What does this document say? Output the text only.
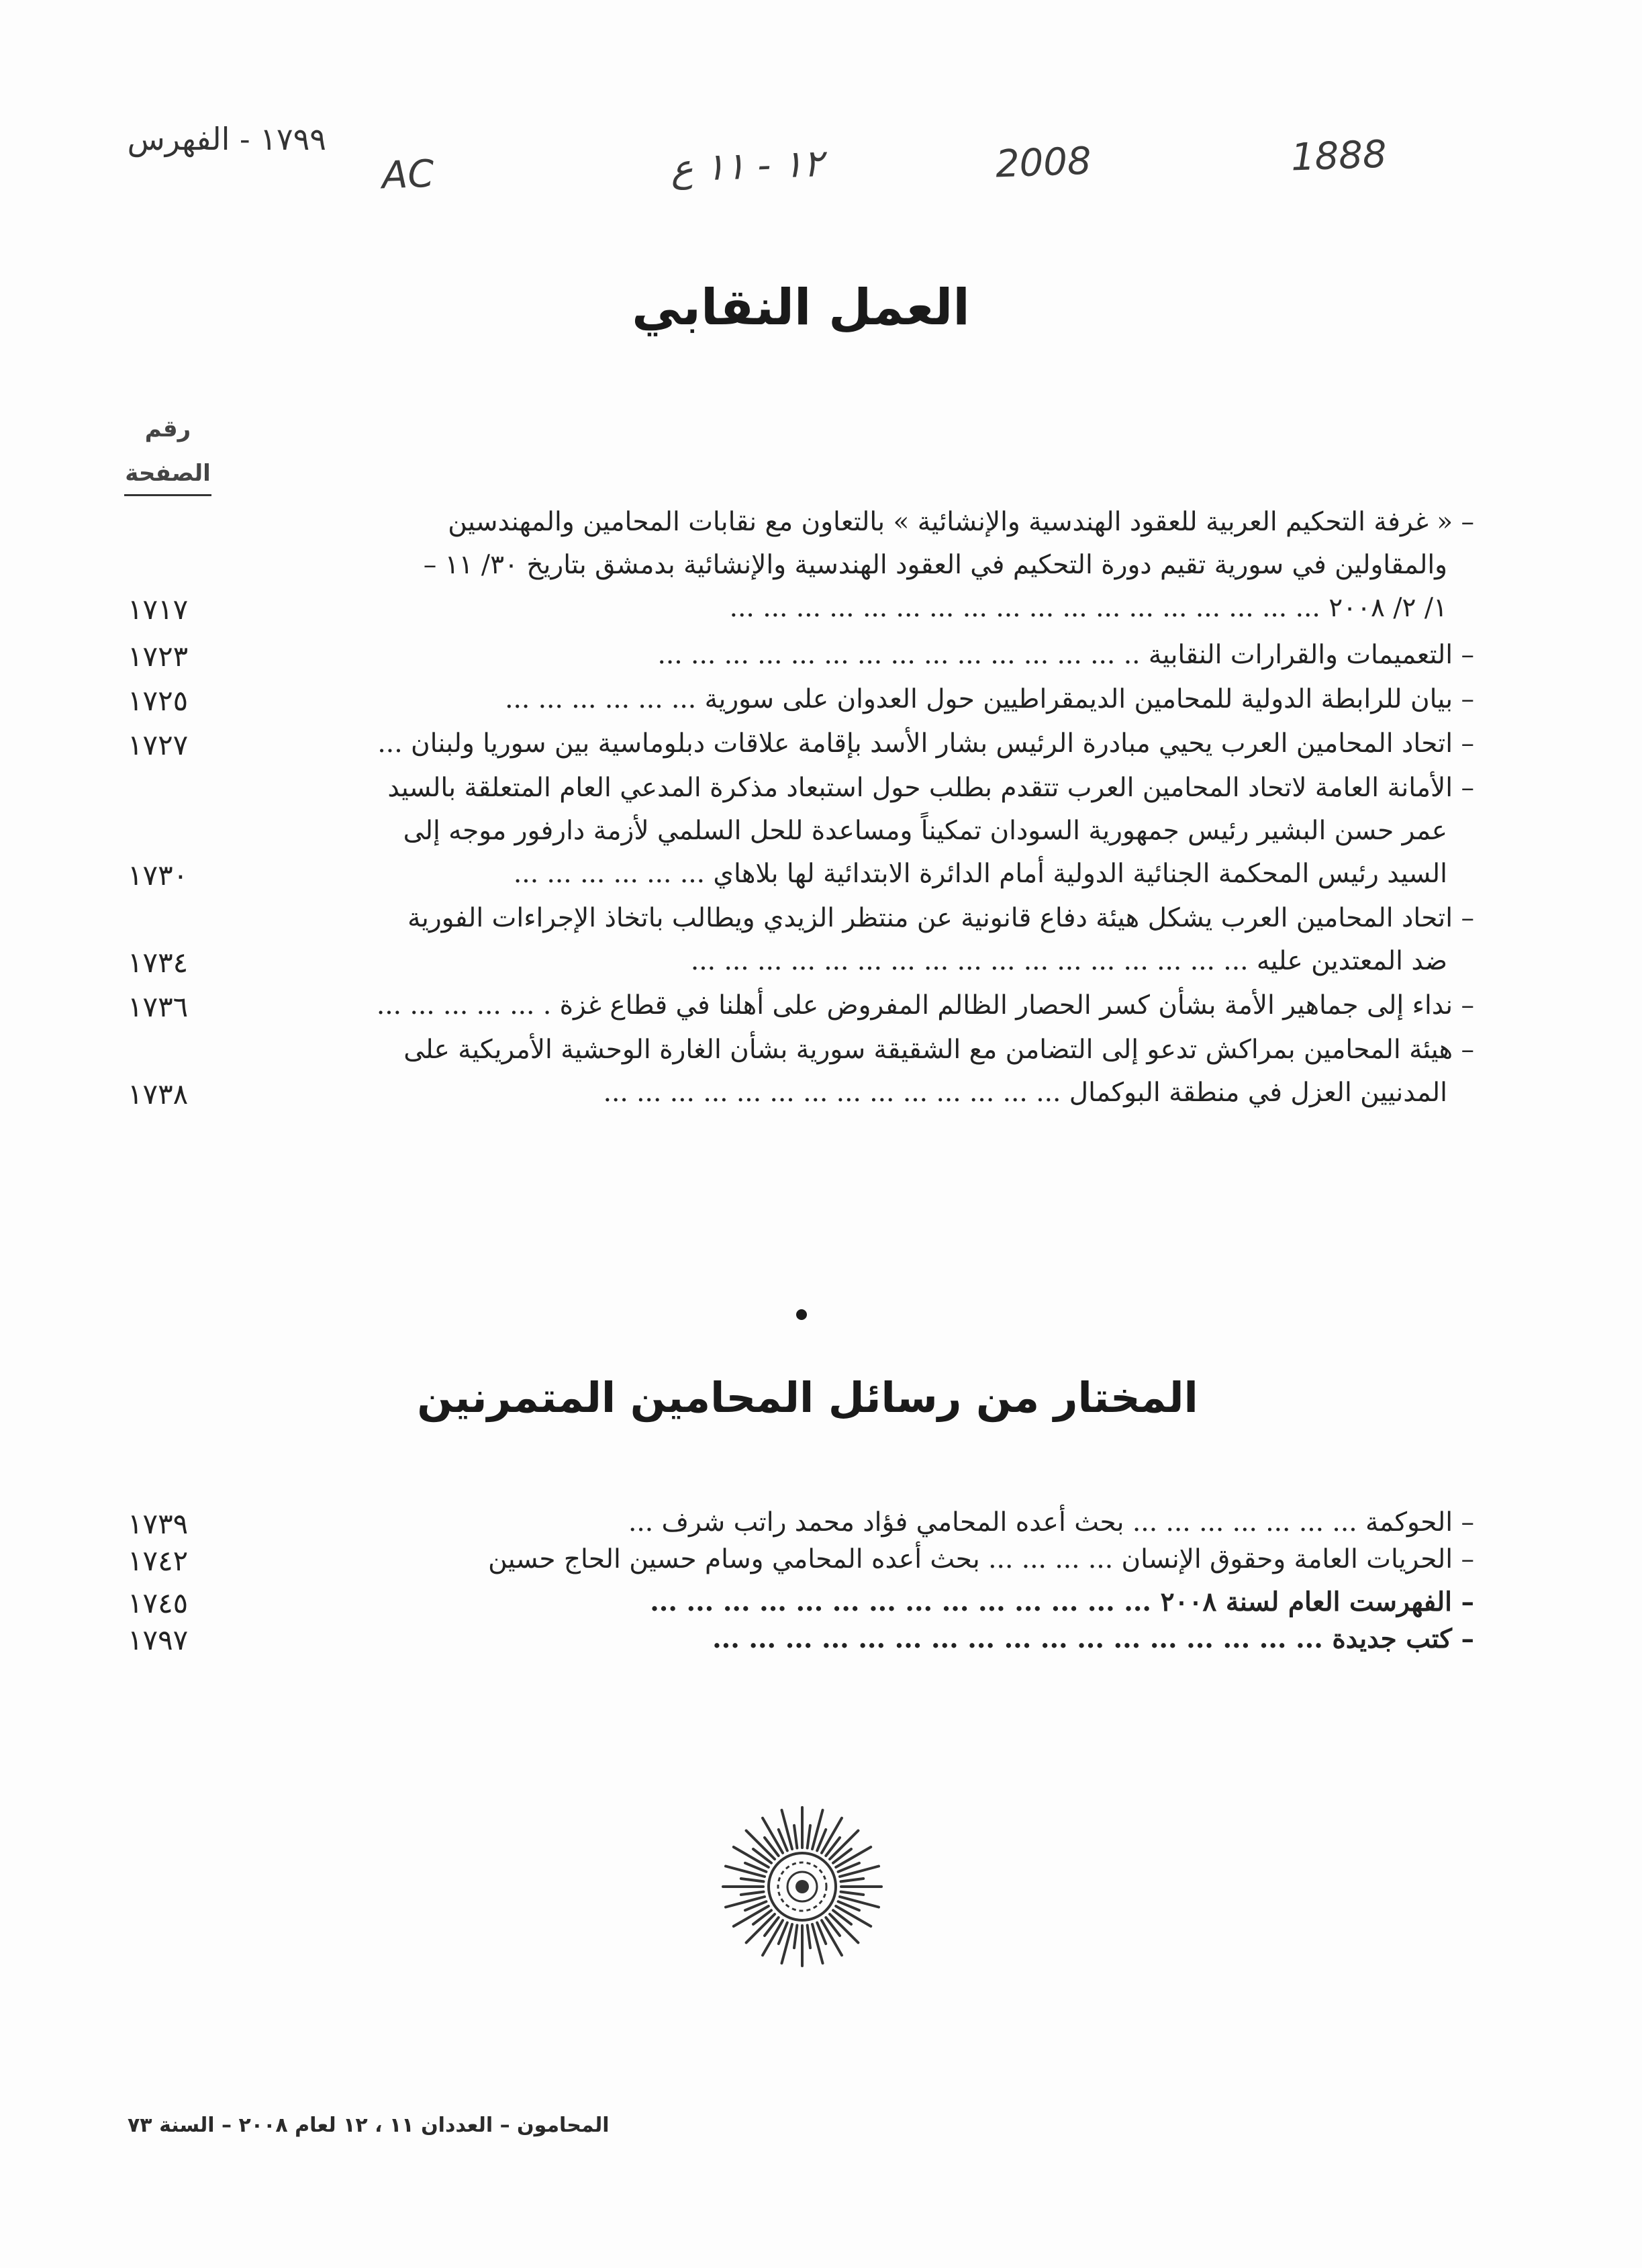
١٧٩٩ - الفهرس
AC	١٢ - ١١ ع	2008	1888
العمل النقابي
رقم
الصفحة
– « غرفة التحكيم العربية للعقود الهندسية والإنشائية » بالتعاون مع نقابات المحامين والمهندسين
والمقاولين في سورية تقيم دورة التحكيم في العقود الهندسية والإنشائية بدمشق بتاريخ ٣٠/ ١١ –
١/ ٢/ ٢٠٠٨ ... ... ... ... ... ... ... ... ... ... ... ... ... ... ... ... ... ...
١٧١٧
– التعميمات والقرارات النقابية .. ... ... ... ... ... ... ... ... ... ... ... ... ... ...
١٧٢٣
– بيان للرابطة الدولية للمحامين الديمقراطيين حول العدوان على سورية ... ... ... ... ... ...
١٧٢٥
– اتحاد المحامين العرب يحيي مبادرة الرئيس بشار الأسد بإقامة علاقات دبلوماسية بين سوريا ولبنان ...
١٧٢٧
– الأمانة العامة لاتحاد المحامين العرب تتقدم بطلب حول استبعاد مذكرة المدعي العام المتعلقة بالسيد
عمر حسن البشير رئيس جمهورية السودان تمكيناً ومساعدة للحل السلمي لأزمة دارفور موجه إلى
السيد رئيس المحكمة الجنائية الدولية أمام الدائرة الابتدائية لها بلاهاي ... ... ... ... ... ...
١٧٣٠
– اتحاد المحامين العرب يشكل هيئة دفاع قانونية عن منتظر الزيدي ويطالب باتخاذ الإجراءات الفورية
ضد المعتدين عليه ... ... ... ... ... ... ... ... ... ... ... ... ... ... ... ... ...
١٧٣٤
– نداء إلى جماهير الأمة بشأن كسر الحصار الظالم المفروض على أهلنا في قطاع غزة . ... ... ... ... ...
١٧٣٦
– هيئة المحامين بمراكش تدعو إلى التضامن مع الشقيقة سورية بشأن الغارة الوحشية الأمريكية على
المدنيين العزل في منطقة البوكمال ... ... ... ... ... ... ... ... ... ... ... ... ... ...
١٧٣٨
المختار من رسائل المحامين المتمرنين
– الحوكمة ... ... ... ... ... ... ... بحث أعده المحامي فؤاد محمد راتب شرف ...
١٧٣٩
– الحريات العامة وحقوق الإنسان ... ... ... ... بحث أعده المحامي وسام حسين الحاج حسين
١٧٤٢
– الفهرست العام لسنة ٢٠٠٨ ... ... ... ... ... ... ... ... ... ... ... ... ... ...
١٧٤٥
– كتب جديدة ... ... ... ... ... ... ... ... ... ... ... ... ... ... ... ... ...
١٧٩٧
المحامون – العددان ١١ ، ١٢ لعام ٢٠٠٨ – السنة ٧٣
